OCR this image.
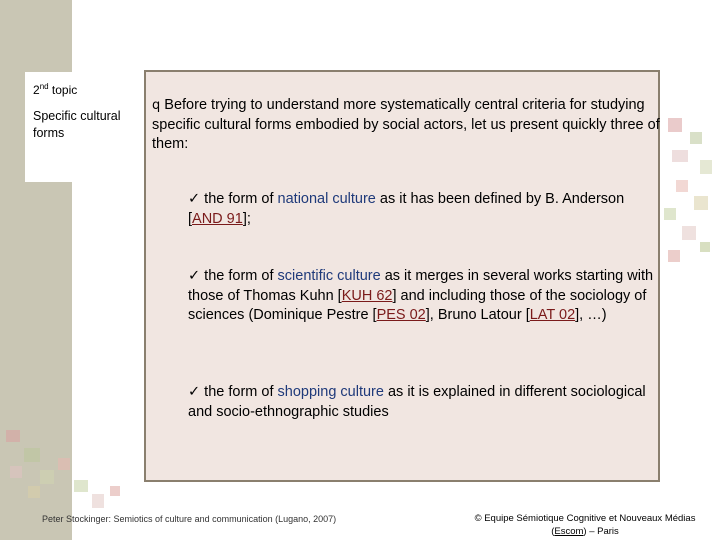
2nd topic
Specific cultural forms
q Before trying to understand more systematically central criteria for studying specific cultural forms embodied by social actors, let us present quickly three of them:
✓ the form of national culture as it has been defined by B. Anderson [AND 91];
✓ the form of scientific culture as it merges in several works starting with those of Thomas Kuhn [KUH 62] and including those of the sociology of sciences (Dominique Pestre [PES 02], Bruno Latour [LAT 02], …)
✓ the form of shopping culture as it is explained in different sociological and socio-ethnographic studies
Peter Stockinger: Semiotics of culture and communication (Lugano, 2007)	© Equipe Sémiotique Cognitive et Nouveaux Médias
(Escom) – Paris
